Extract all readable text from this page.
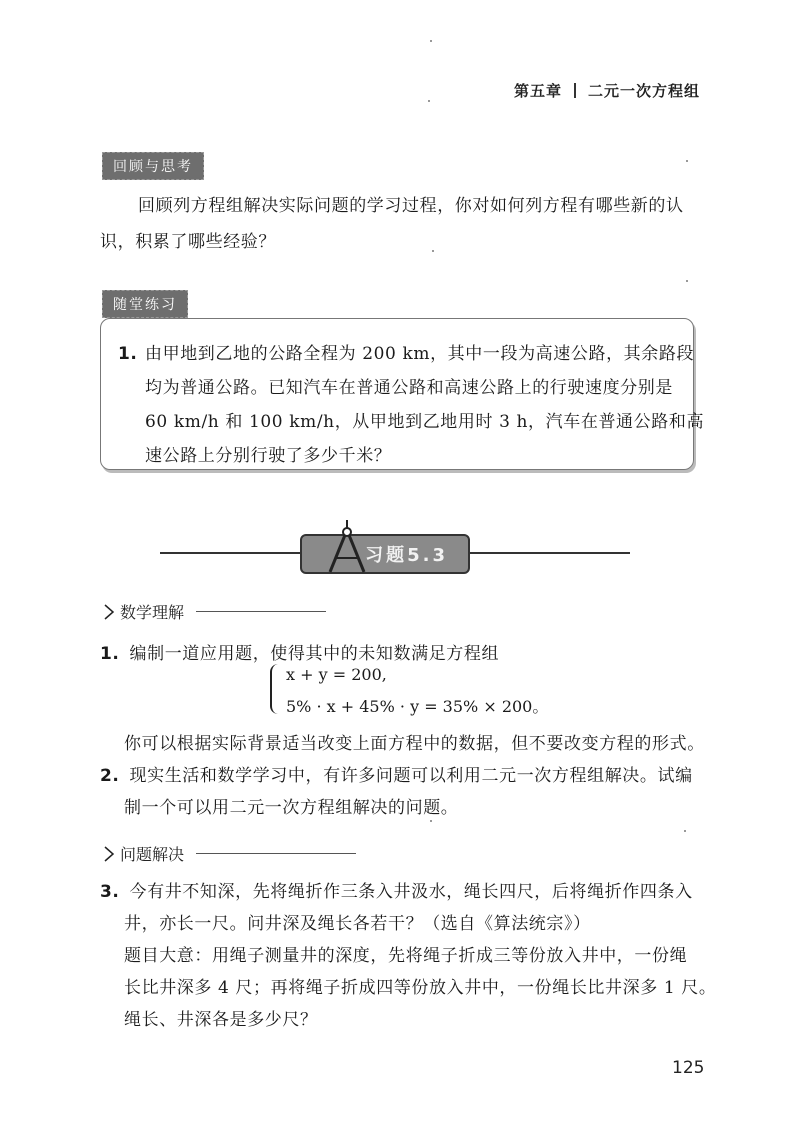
第五章 二元一次方程组
回顾与思考
回顾列方程组解决实际问题的学习过程，你对如何列方程有哪些新的认
识，积累了哪些经验？
随堂练习
1. 由甲地到乙地的公路全程为 200 km，其中一段为高速公路，其余路段
均为普通公路。已知汽车在普通公路和高速公路上的行驶速度分别是
60 km/h 和 100 km/h，从甲地到乙地用时 3 h，汽车在普通公路和高
速公路上分别行驶了多少千米？
习题5.3
数学理解
1. 编制一道应用题，使得其中的未知数满足方程组
x + y = 200,
5% · x + 45% · y = 35% × 200。
你可以根据实际背景适当改变上面方程中的数据，但不要改变方程的形式。
2. 现实生活和数学学习中，有许多问题可以利用二元一次方程组解决。试编
制一个可以用二元一次方程组解决的问题。
问题解决
3. 今有井不知深，先将绳折作三条入井汲水，绳长四尺，后将绳折作四条入
井，亦长一尺。问井深及绳长各若干？（选自《算法统宗》）
题目大意：用绳子测量井的深度，先将绳子折成三等份放入井中，一份绳
长比井深多 4 尺；再将绳子折成四等份放入井中，一份绳长比井深多 1 尺。
绳长、井深各是多少尺？
125
